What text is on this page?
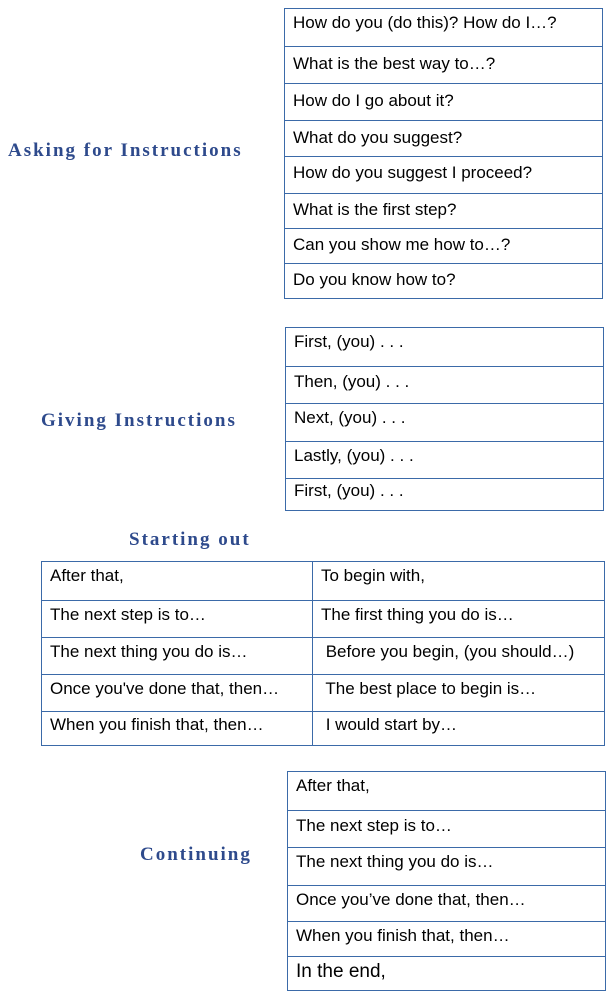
Asking for Instructions
How do you (do this)? How do I…?
What is the best way to…?
How do I go about it?
What do you suggest?
How do you suggest I proceed?
What is the first step?
Can you show me how to…?
Do you know how to?
Giving Instructions
First, (you) . . .
Then, (you) . . .
Next, (you) . . .
Lastly, (you) . . .
First, (you) . . .
Starting out
After that,	To begin with,
The next step is to…	The first thing you do is…
The next thing you do is…	Before you begin, (you should…)
Once you've done that, then…	The best place to begin is…
When you finish that, then…	I would start by…
Continuing
After that,
The next step is to…
The next thing you do is…
Once you’ve done that, then…
When you finish that, then…
In the end,
